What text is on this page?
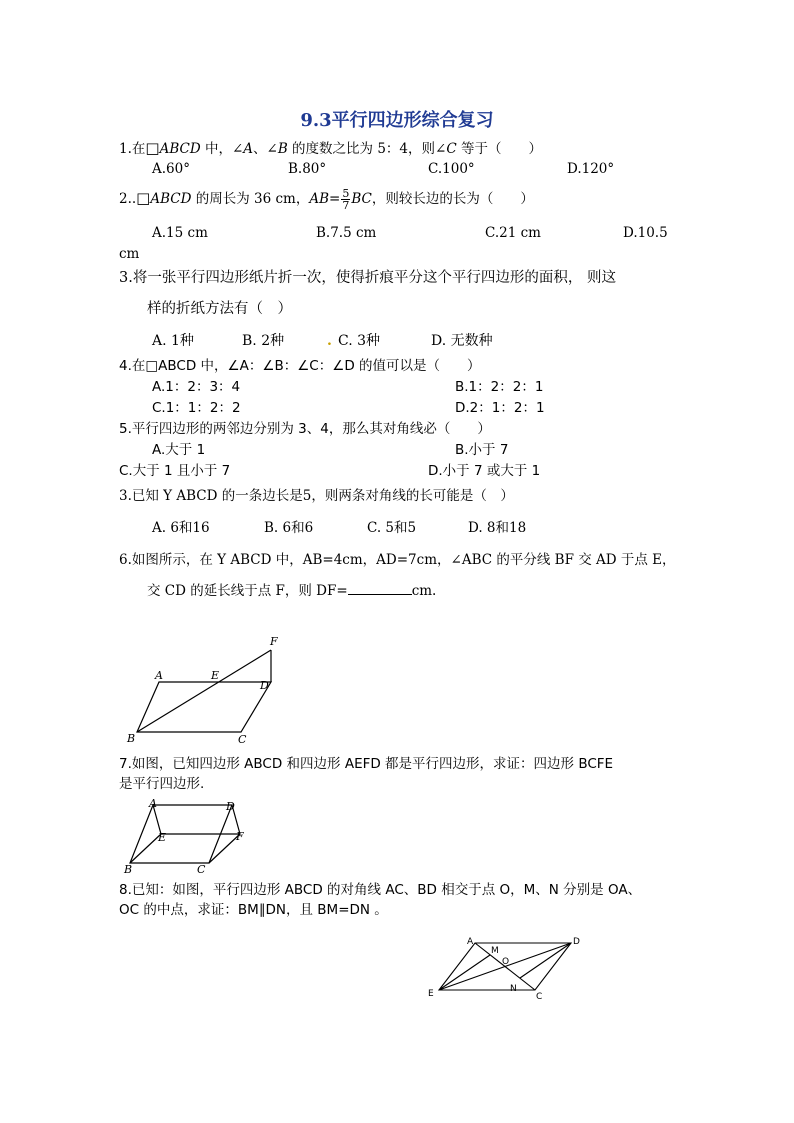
9.3平行四边形综合复习
1.在□ABCD 中，∠A、∠B 的度数之比为 5：4，则∠C 等于（　　）
A.60°	B.80°	C.100°	D.120°
2..□ABCD 的周长为 36 cm，$AB= \frac{5}{7}$ BC，则较长边的长为（　　）
A.15 cm	B.7.5 cm	C.21 cm	D.10.5
cm
3.将一张平行四边形纸片折一次，使得折痕平分这个平行四边形的面积， 则这
样的折纸方法有（　）
A. 1种	B. 2种	. C. 3种	D. 无数种
4.在□ABCD 中，∠A：∠B：∠C：∠D 的值可以是（　　）
A.1：2：3：4	B.1：2：2：1
C.1：1：2：2	D.2：1：2：1
5.平行四边形的两邻边分别为 3、4，那么其对角线必（　　）
A.大于 1	B.小于 7
C.大于 1 且小于 7	D.小于 7 或大于 1
3.已知 Y ABCD 的一条边长是5，则两条对角线的长可能是（　）
A. 6和16	B. 6和6	C. 5和5	D. 8和18
6.如图所示，在 Y ABCD 中，AB=4cm，AD=7cm，∠ABC 的平分线 BF 交 AD 于点 E，
交 CD 的延长线于点 F，则 DF=	cm.
A
B	C
D
E
F
7.如图，已知四边形 ABCD 和四边形 AEFD 都是平行四边形，求证：四边形 BCFE
是平行四边形.
A
B	C
D
E	F
8.已知：如图，平行四边形 ABCD 的对角线 AC、BD 相交于点 O，M、N 分别是 OA、
OC 的中点，求证：BM∥DN，且 BM=DN 。
A
E	C
D
M
N
O
